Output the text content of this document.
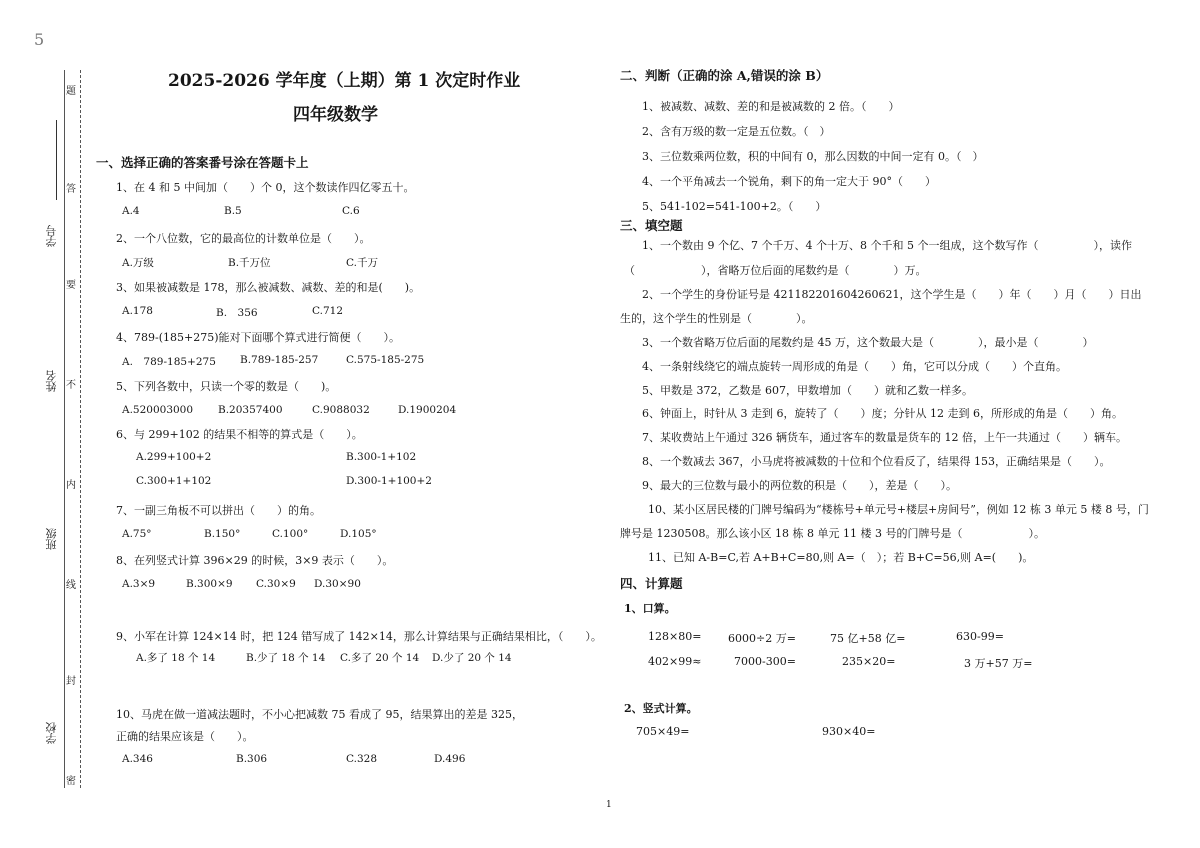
5
学号
姓名
班级
学校
题
答
要
不
内
线
封
密
2025-2026 学年度（上期）第 1 次定时作业
四年级数学
一、选择正确的答案番号涂在答题卡上
1、在 4 和 5 中间加（　　）个 0，这个数读作四亿零五十。
A.4	B.5	C.6
2、一个八位数，它的最高位的计数单位是（　　）。
A.万级	B.千万位	C.千万
3、如果被减数是 178，那么被减数、减数、差的和是(　　)。
A.178	B.　356	C.712
4、789-(185+275)能对下面哪个算式进行简便（　　）。
A.　789-185+275 B.789-185-257	C.575-185-275
5、下列各数中，只读一个零的数是（　　)。
A.520003000 B.20357400	C.9088032	D.1900204
6、与 299+102 的结果不相等的算式是（　　）。
A.299+100+2	B.300-1+102
C.300+1+102	D.300-1+100+2
7、一副三角板不可以拼出（　　）的角。
A.75°	B.150°	C.100°	D.105°
8、在列竖式计算 396×29 的时候，3×9 表示（　　）。
A.3×9	B.300×9 C.30×9 D.30×90
9、小军在计算 124×14 时，把 124 错写成了 142×14，那么计算结果与正确结果相比，（　　）。
A.多了 18 个 14	B.少了 18 个 14 C.多了 20 个 14 D.少了 20 个 14
10、马虎在做一道减法题时，不小心把减数 75 看成了 95，结果算出的差是 325，
正确的结果应该是（　　）。
A.346	B.306	C.328	D.496
二、判断（正确的涂 A,错误的涂 B）
1、被减数、减数、差的和是被减数的 2 倍。（　　）
2、含有万级的数一定是五位数。（　）
3、三位数乘两位数，积的中间有 0，那么因数的中间一定有 0。（　）
4、一个平角减去一个锐角，剩下的角一定大于 90°（　　）
5、541-102=541-100+2。（　　）
三、填空题
1、一个数由 9 个亿、7 个千万、4 个十万、8 个千和 5 个一组成，这个数写作（　　　　　），读作
（　　　　　　），省略万位后面的尾数约是（　　　　）万。
2、一个学生的身份证号是 421182201604260621，这个学生是（　　）年（　　）月（　　）日出
生的，这个学生的性别是（　　　　）。
3、一个数省略万位后面的尾数约是 45 万，这个数最大是（　　　　），最小是（　　　　）
4、一条射线绕它的端点旋转一周形成的角是（　　）角，它可以分成（　　）个直角。
5、甲数是 372，乙数是 607，甲数增加（　　）就和乙数一样多。
6、钟面上，时针从 3 走到 6，旋转了（　　）度；分针从 12 走到 6，所形成的角是（　　）角。
7、某收费站上午通过 326 辆货车，通过客车的数量是货车的 12 倍，上午一共通过（　　）辆车。
8、一个数减去 367，小马虎将被减数的十位和个位看反了，结果得 153，正确结果是（　　）。
9、最大的三位数与最小的两位数的积是（　　），差是（　　）。
10、某小区居民楼的门牌号编码为“楼栋号+单元号+楼层+房间号”，例如 12 栋 3 单元 5 楼 8 号，门
牌号是 1230508。那么该小区 18 栋 8 单元 11 楼 3 号的门牌号是（　　　　　　）。
11、已知 A-B=C,若 A+B+C=80,则 A=（　）；若 B+C=56,则 A=(　　)。
四、计算题
1、口算。
128×80= 6000÷2 万=	75 亿+58 亿=	630-99=
402×99≈	7000-300=	235×20=	3 万+57 万=
2、竖式计算。
705×49=	930×40=
1
